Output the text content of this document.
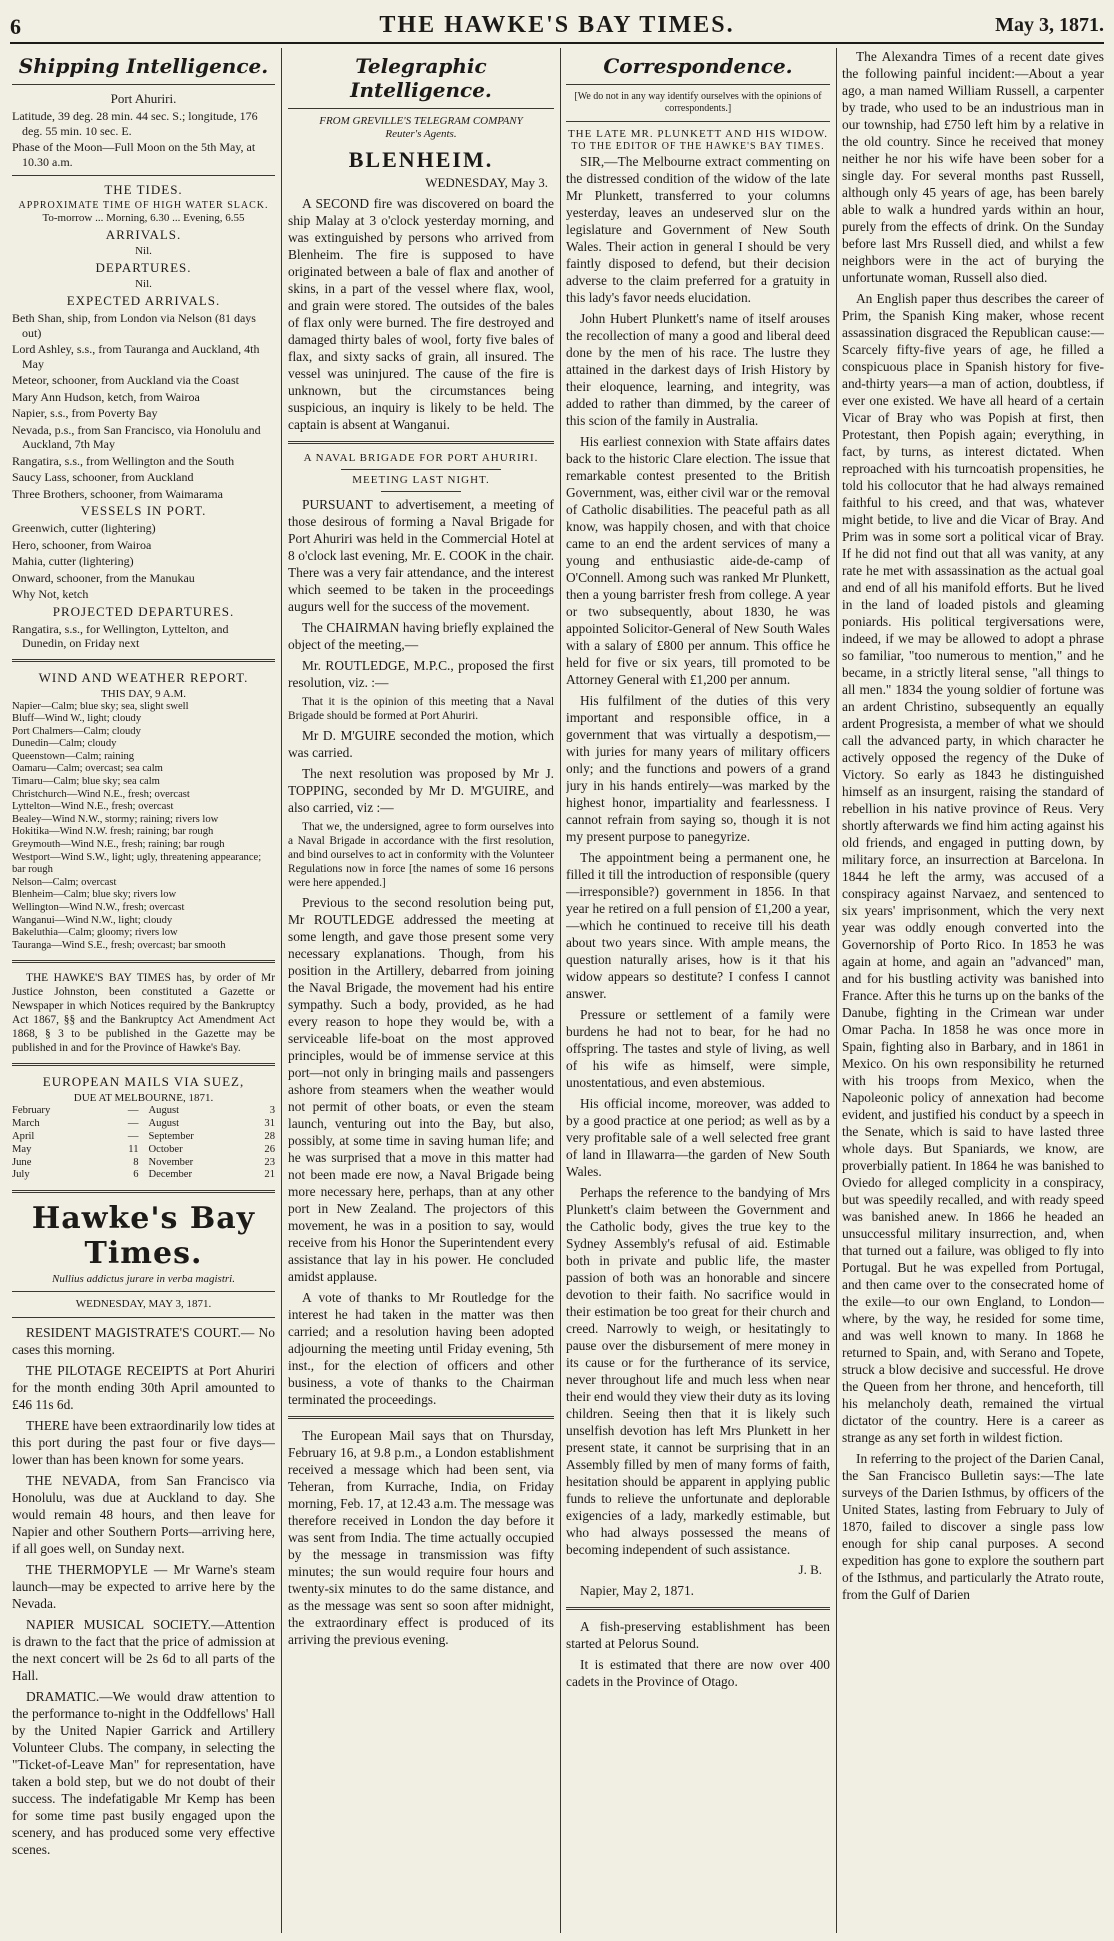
6	THE HAWKE'S BAY TIMES.	May 3, 1871.
Shipping Intelligence.
Port Ahuriri.

Latitude, 39 deg. 28 min. 44 sec. S.; longitude, 176 deg. 55 min. 10 sec. E.

Phase of the Moon—Full Moon on the 5th May, at 10.30 a.m.

THE TIDES.
APPROXIMATE TIME OF HIGH WATER SLACK.
To-morrow ... Morning, 6.30 ... Evening, 6.55
ARRIVALS.
Nil.
DEPARTURES.
Nil.
EXPECTED ARRIVALS.

Beth Shan, ship, from London via Nelson (81 days out)

Lord Ashley, s.s., from Tauranga and Auckland, 4th May

Meteor, schooner, from Auckland via the Coast

Mary Ann Hudson, ketch, from Wairoa

Napier, s.s., from Poverty Bay

Nevada, p.s., from San Francisco, via Honolulu and Auckland, 7th May

Rangatira, s.s., from Wellington and the South

Saucy Lass, schooner, from Auckland

Three Brothers, schooner, from Waimarama

VESSELS IN PORT.

Greenwich, cutter (lightering)

Hero, schooner, from Wairoa

Mahia, cutter (lightering)

Onward, schooner, from the Manukau

Why Not, ketch

PROJECTED DEPARTURES.

Rangatira, s.s., for Wellington, Lyttelton, and Dunedin, on Friday next

WIND AND WEATHER REPORT.
THIS DAY, 9 A.M.

Napier—Calm; blue sky; sea, slight swell

Bluff—Wind W., light; cloudy

Port Chalmers—Calm; cloudy

Dunedin—Calm; cloudy

Queenstown—Calm; raining

Oamaru—Calm; overcast; sea calm

Timaru—Calm; blue sky; sea calm

Christchurch—Wind N.E., fresh; overcast

Lyttelton—Wind N.E., fresh; overcast

Bealey—Wind N.W., stormy; raining; rivers low

Hokitika—Wind N.W. fresh; raining; bar rough

Greymouth—Wind N.E., fresh; raining; bar rough

Westport—Wind S.W., light; ugly, threatening appearance; bar rough

Nelson—Calm; overcast

Blenheim—Calm; blue sky; rivers low

Wellington—Wind N.W., fresh; overcast

Wanganui—Wind N.W., light; cloudy

Bakeluthia—Calm; gloomy; rivers low

Tauranga—Wind S.E., fresh; overcast; bar smooth

THE HAWKE'S BAY TIMES has, by order of Mr Justice Johnston, been constituted a Gazette or Newspaper in which Notices required by the Bankruptcy Act 1867, §§ and the Bankruptcy Act Amendment Act 1868, § 3 to be published in the Gazette may be published in and for the Province of Hawke's Bay.

EUROPEAN MAILS VIA SUEZ,
DUE AT MELBOURNE, 1871.
February	— August	3
March	— August	31
April	— September	28
May	11 October	26
June	8 November	23
July	6 December	21
Hawke's Bay Times.
Nullius addictus jurare in verba magistri.
WEDNESDAY, MAY 3, 1871.

RESIDENT MAGISTRATE'S COURT.— No cases this morning.

THE PILOTAGE RECEIPTS at Port Ahuriri for the month ending 30th April amounted to £46 11s 6d.

THERE have been extraordinarily low tides at this port during the past four or five days—lower than has been known for some years.

THE NEVADA, from San Francisco via Honolulu, was due at Auckland to day. She would remain 48 hours, and then leave for Napier and other Southern Ports—arriving here, if all goes well, on Sunday next.

THE THERMOPYLE — Mr Warne's steam launch—may be expected to arrive here by the Nevada.

NAPIER MUSICAL SOCIETY.—Attention is drawn to the fact that the price of admission at the next concert will be 2s 6d to all parts of the Hall.

DRAMATIC.—We would draw attention to the performance to-night in the Oddfellows' Hall by the United Napier Garrick and Artillery Volunteer Clubs. The company, in selecting the "Ticket-of-Leave Man" for representation, have taken a bold step, but we do not doubt of their success. The indefatigable Mr Kemp has been for some time past busily engaged upon the scenery, and has produced some very effective scenes.

Telegraphic Intelligence.
FROM GREVILLE'S TELEGRAM COMPANY
Reuter's Agents.
BLENHEIM.
WEDNESDAY, May 3.

A SECOND fire was discovered on board the ship Malay at 3 o'clock yesterday morning, and was extinguished by persons who arrived from Blenheim. The fire is supposed to have originated between a bale of flax and another of skins, in a part of the vessel where flax, wool, and grain were stored. The outsides of the bales of flax only were burned. The fire destroyed and damaged thirty bales of wool, forty five bales of flax, and sixty sacks of grain, all insured. The vessel was uninjured. The cause of the fire is unknown, but the circumstances being suspicious, an inquiry is likely to be held. The captain is absent at Wanganui.

A NAVAL BRIGADE FOR PORT AHURIRI.
MEETING LAST NIGHT.

PURSUANT to advertisement, a meeting of those desirous of forming a Naval Brigade for Port Ahuriri was held in the Commercial Hotel at 8 o'clock last evening, Mr. E. COOK in the chair. There was a very fair attendance, and the interest which seemed to be taken in the proceedings augurs well for the success of the movement.

The CHAIRMAN having briefly explained the object of the meeting,—

Mr. ROUTLEDGE, M.P.C., proposed the first resolution, viz. :—

That it is the opinion of this meeting that a Naval Brigade should be formed at Port Ahuriri.

Mr D. M'GUIRE seconded the motion, which was carried.

The next resolution was proposed by Mr J. TOPPING, seconded by Mr D. M'GUIRE, and also carried, viz :—

That we, the undersigned, agree to form ourselves into a Naval Brigade in accordance with the first resolution, and bind ourselves to act in conformity with the Volunteer Regulations now in force [the names of some 16 persons were here appended.]

Previous to the second resolution being put, Mr ROUTLEDGE addressed the meeting at some length, and gave those present some very necessary explanations. Though, from his position in the Artillery, debarred from joining the Naval Brigade, the movement had his entire sympathy. Such a body, provided, as he had every reason to hope they would be, with a serviceable life-boat on the most approved principles, would be of immense service at this port—not only in bringing mails and passengers ashore from steamers when the weather would not permit of other boats, or even the steam launch, venturing out into the Bay, but also, possibly, at some time in saving human life; and he was surprised that a move in this matter had not been made ere now, a Naval Brigade being more necessary here, perhaps, than at any other port in New Zealand. The projectors of this movement, he was in a position to say, would receive from his Honor the Superintendent every assistance that lay in his power. He concluded amidst applause.

A vote of thanks to Mr Routledge for the interest he had taken in the matter was then carried; and a resolution having been adopted adjourning the meeting until Friday evening, 5th inst., for the election of officers and other business, a vote of thanks to the Chairman terminated the proceedings.

The European Mail says that on Thursday, February 16, at 9.8 p.m., a London establishment received a message which had been sent, via Teheran, from Kurrache, India, on Friday morning, Feb. 17, at 12.43 a.m. The message was therefore received in London the day before it was sent from India. The time actually occupied by the message in transmission was fifty minutes; the sun would require four hours and twenty-six minutes to do the same distance, and as the message was sent so soon after midnight, the extraordinary effect is produced of its arriving the previous evening.

Correspondence.
[We do not in any way identify ourselves with the opinions of correspondents.]
THE LATE MR. PLUNKETT AND HIS WIDOW.
TO THE EDITOR OF THE HAWKE'S BAY TIMES.

SIR,—The Melbourne extract commenting on the distressed condition of the widow of the late Mr Plunkett, transferred to your columns yesterday, leaves an undeserved slur on the legislature and Government of New South Wales. Their action in general I should be very faintly disposed to defend, but their decision adverse to the claim preferred for a gratuity in this lady's favor needs elucidation.

John Hubert Plunkett's name of itself arouses the recollection of many a good and liberal deed done by the men of his race. The lustre they attained in the darkest days of Irish History by their eloquence, learning, and integrity, was added to rather than dimmed, by the career of this scion of the family in Australia.

His earliest connexion with State affairs dates back to the historic Clare election. The issue that remarkable contest presented to the British Government, was, either civil war or the removal of Catholic disabilities. The peaceful path as all know, was happily chosen, and with that choice came to an end the ardent services of many a young and enthusiastic aide-de-camp of O'Connell. Among such was ranked Mr Plunkett, then a young barrister fresh from college. A year or two subsequently, about 1830, he was appointed Solicitor-General of New South Wales with a salary of £800 per annum. This office he held for five or six years, till promoted to be Attorney General with £1,200 per annum.

His fulfilment of the duties of this very important and responsible office, in a government that was virtually a despotism,—with juries for many years of military officers only; and the functions and powers of a grand jury in his hands entirely—was marked by the highest honor, impartiality and fearlessness. I cannot refrain from saying so, though it is not my present purpose to panegyrize.

The appointment being a permanent one, he filled it till the introduction of responsible (query—irresponsible?) government in 1856. In that year he retired on a full pension of £1,200 a year,—which he continued to receive till his death about two years since. With ample means, the question naturally arises, how is it that his widow appears so destitute? I confess I cannot answer.

Pressure or settlement of a family were burdens he had not to bear, for he had no offspring. The tastes and style of living, as well of his wife as himself, were simple, unostentatious, and even abstemious.

His official income, moreover, was added to by a good practice at one period; as well as by a very profitable sale of a well selected free grant of land in Illawarra—the garden of New South Wales.

Perhaps the reference to the bandying of Mrs Plunkett's claim between the Government and the Catholic body, gives the true key to the Sydney Assembly's refusal of aid. Estimable both in private and public life, the master passion of both was an honorable and sincere devotion to their faith. No sacrifice would in their estimation be too great for their church and creed. Narrowly to weigh, or hesitatingly to pause over the disbursement of mere money in its cause or for the furtherance of its service, never throughout life and much less when near their end would they view their duty as its loving children. Seeing then that it is likely such unselfish devotion has left Mrs Plunkett in her present state, it cannot be surprising that in an Assembly filled by men of many forms of faith, hesitation should be apparent in applying public funds to relieve the unfortunate and deplorable exigencies of a lady, markedly estimable, but who had always possessed the means of becoming independent of such assistance.

J. B.

Napier, May 2, 1871.

A fish-preserving establishment has been started at Pelorus Sound.

It is estimated that there are now over 400 cadets in the Province of Otago.

The Alexandra Times of a recent date gives the following painful incident:—About a year ago, a man named William Russell, a carpenter by trade, who used to be an industrious man in our township, had £750 left him by a relative in the old country. Since he received that money neither he nor his wife have been sober for a single day. For several months past Russell, although only 45 years of age, has been barely able to walk a hundred yards within an hour, purely from the effects of drink. On the Sunday before last Mrs Russell died, and whilst a few neighbors were in the act of burying the unfortunate woman, Russell also died.

An English paper thus describes the career of Prim, the Spanish King maker, whose recent assassination disgraced the Republican cause:—Scarcely fifty-five years of age, he filled a conspicuous place in Spanish history for five-and-thirty years—a man of action, doubtless, if ever one existed. We have all heard of a certain Vicar of Bray who was Popish at first, then Protestant, then Popish again; everything, in fact, by turns, as interest dictated. When reproached with his turncoatish propensities, he told his collocutor that he had always remained faithful to his creed, and that was, whatever might betide, to live and die Vicar of Bray. And Prim was in some sort a political vicar of Bray. If he did not find out that all was vanity, at any rate he met with assassination as the actual goal and end of all his manifold efforts. But he lived in the land of loaded pistols and gleaming poniards. His political tergiversations were, indeed, if we may be allowed to adopt a phrase so familiar, "too numerous to mention," and he became, in a strictly literal sense, "all things to all men." 1834 the young soldier of fortune was an ardent Christino, subsequently an equally ardent Progresista, a member of what we should call the advanced party, in which character he actively opposed the regency of the Duke of Victory. So early as 1843 he distinguished himself as an insurgent, raising the standard of rebellion in his native province of Reus. Very shortly afterwards we find him acting against his old friends, and engaged in putting down, by military force, an insurrection at Barcelona. In 1844 he left the army, was accused of a conspiracy against Narvaez, and sentenced to six years' imprisonment, which the very next year was oddly enough converted into the Governorship of Porto Rico. In 1853 he was again at home, and again an "advanced" man, and for his bustling activity was banished into France. After this he turns up on the banks of the Danube, fighting in the Crimean war under Omar Pacha. In 1858 he was once more in Spain, fighting also in Barbary, and in 1861 in Mexico. On his own responsibility he returned with his troops from Mexico, when the Napoleonic policy of annexation had become evident, and justified his conduct by a speech in the Senate, which is said to have lasted three whole days. But Spaniards, we know, are proverbially patient. In 1864 he was banished to Oviedo for alleged complicity in a conspiracy, but was speedily recalled, and with ready speed was banished anew. In 1866 he headed an unsuccessful military insurrection, and, when that turned out a failure, was obliged to fly into Portugal. But he was expelled from Portugal, and then came over to the consecrated home of the exile—to our own England, to London—where, by the way, he resided for some time, and was well known to many. In 1868 he returned to Spain, and, with Serano and Topete, struck a blow decisive and successful. He drove the Queen from her throne, and henceforth, till his melancholy death, remained the virtual dictator of the country. Here is a career as strange as any set forth in wildest fiction.

In referring to the project of the Darien Canal, the San Francisco Bulletin says:—The late surveys of the Darien Isthmus, by officers of the United States, lasting from February to July of 1870, failed to discover a single pass low enough for ship canal purposes. A second expedition has gone to explore the southern part of the Isthmus, and particularly the Atrato route, from the Gulf of Darien
